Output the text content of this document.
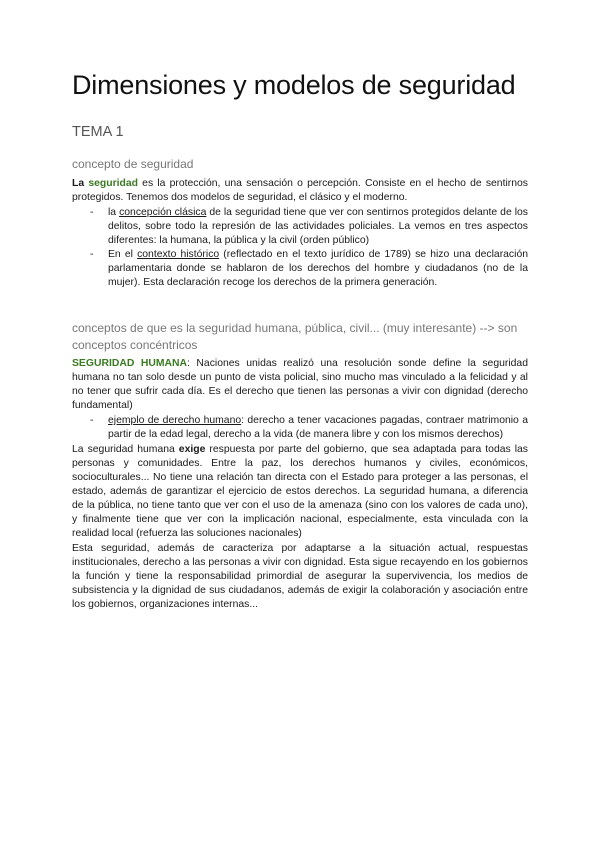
Dimensiones y modelos de seguridad
TEMA 1
concepto de seguridad

La seguridad es la protección, una sensación o percepción. Consiste en el hecho de sentirnos protegidos. Tenemos dos modelos de seguridad, el clásico y el moderno.

- la concepción clásica de la seguridad tiene que ver con sentirnos protegidos delante de los delitos, sobre todo la represión de las actividades policiales. La vemos en tres aspectos diferentes: la humana, la pública y la civil (orden público)
- En el contexto histórico (reflectado en el texto jurídico de 1789) se hizo una declaración parlamentaria donde se hablaron de los derechos del hombre y ciudadanos (no de la mujer). Esta declaración recoge los derechos de la primera generación.
conceptos de que es la seguridad humana, pública, civil... (muy interesante) --> son conceptos concéntricos

SEGURIDAD HUMANA: Naciones unidas realizó una resolución sonde define la seguridad humana no tan solo desde un punto de vista policial, sino mucho mas vinculado a la felicidad y al no tener que sufrir cada día. Es el derecho que tienen las personas a vivir con dignidad (derecho fundamental)

- ejemplo de derecho humano: derecho a tener vacaciones pagadas, contraer matrimonio a partir de la edad legal, derecho a la vida (de manera libre y con los mismos derechos)

La seguridad humana exige respuesta por parte del gobierno, que sea adaptada para todas las personas y comunidades. Entre la paz, los derechos humanos y civiles, económicos, socioculturales... No tiene una relación tan directa con el Estado para proteger a las personas, el estado, además de garantizar el ejercicio de estos derechos. La seguridad humana, a diferencia de la pública, no tiene tanto que ver con el uso de la amenaza (sino con los valores de cada uno), y finalmente tiene que ver con la implicación nacional, especialmente, esta vinculada con la realidad local (refuerza las soluciones nacionales)

Esta seguridad, además de caracteriza por adaptarse a la situación actual, respuestas institucionales, derecho a las personas a vivir con dignidad. Esta sigue recayendo en los gobiernos la función y tiene la responsabilidad primordial de asegurar la supervivencia, los medios de subsistencia y la dignidad de sus ciudadanos, además de exigir la colaboración y asociación entre los gobiernos, organizaciones internas...
